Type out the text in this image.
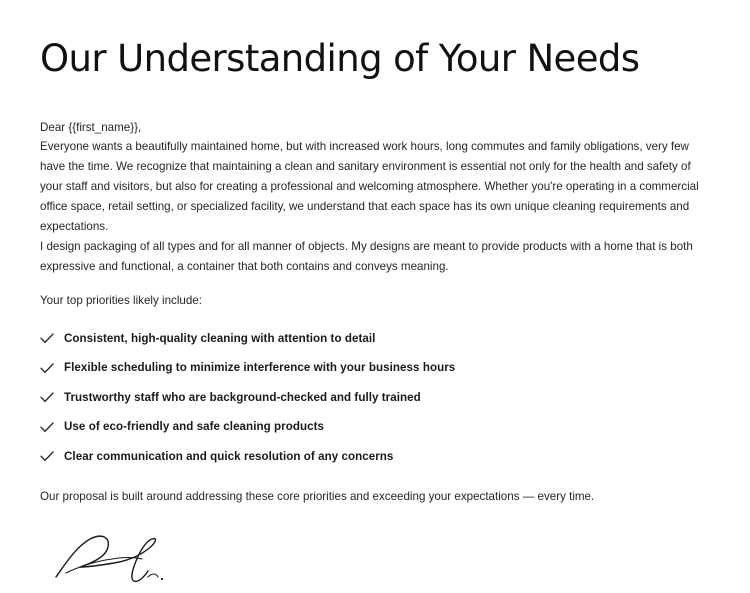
Our Understanding of Your Needs

Dear {{first_name}},

Everyone wants a beautifully maintained home, but with increased work hours, long commutes and family obligations, very few have the time. We recognize that maintaining a clean and sanitary environment is essential not only for the health and safety of your staff and visitors, but also for creating a professional and welcoming atmosphere. Whether you're operating in a commercial office space, retail setting, or specialized facility, we understand that each space has its own unique cleaning requirements and expectations.

I design packaging of all types and for all manner of objects. My designs are meant to provide products with a home that is both expressive and functional, a container that both contains and conveys meaning.

Your top priorities likely include:

Consistent, high-quality cleaning with attention to detail
Flexible scheduling to minimize interference with your business hours
Trustworthy staff who are background-checked and fully trained
Use of eco-friendly and safe cleaning products
Clear communication and quick resolution of any concerns

Our proposal is built around addressing these core priorities and exceeding your expectations — every time.
